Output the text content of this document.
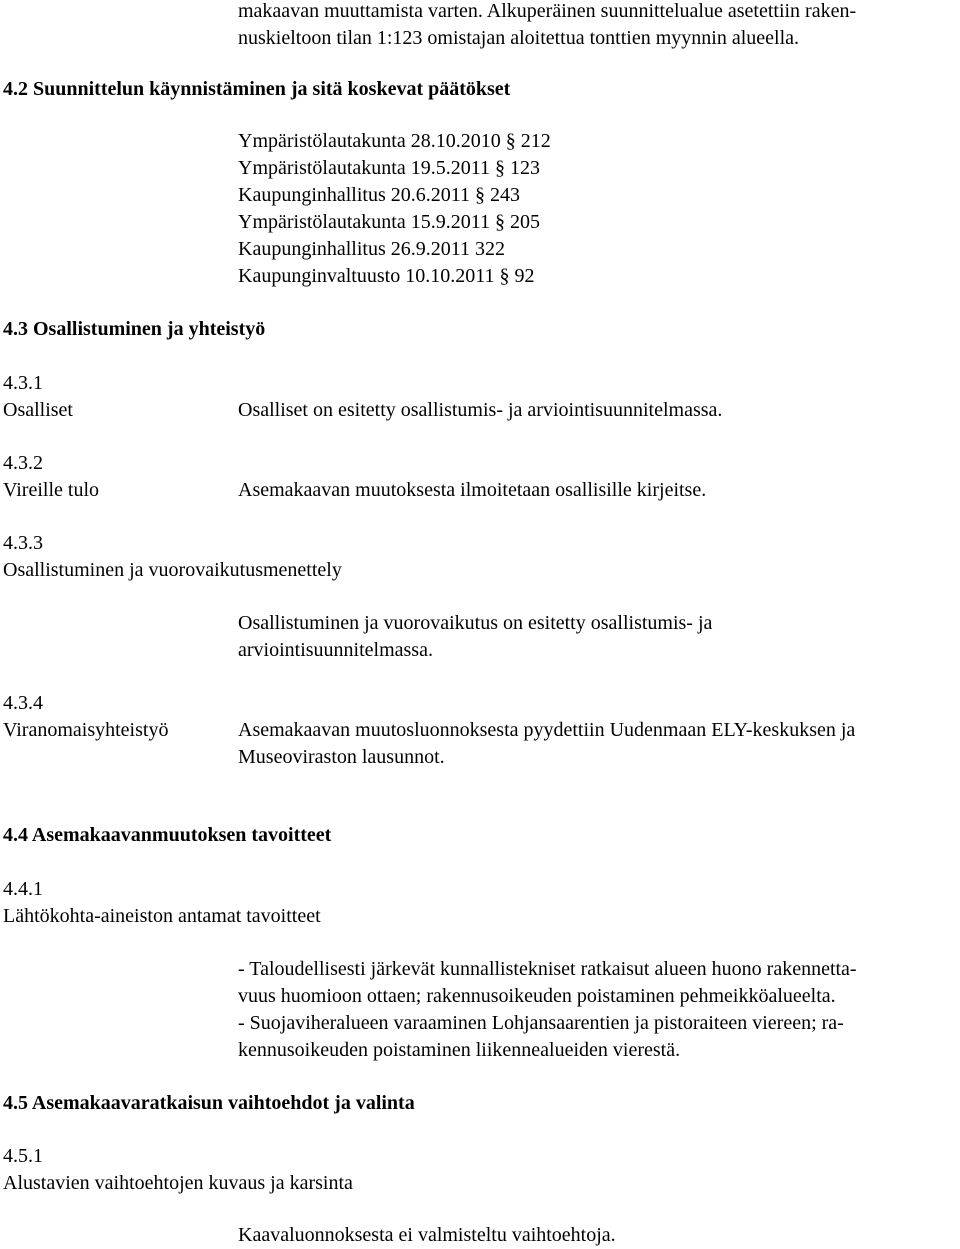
makaavan muuttamista varten. Alkuperäinen suunnittelualue asetettiin raken-
nuskieltoon tilan 1:123 omistajan aloitettua tonttien myynnin alueella.
4.2 Suunnittelun käynnistäminen ja sitä koskevat päätökset
Ympäristölautakunta 28.10.2010 § 212
Ympäristölautakunta 19.5.2011 § 123
Kaupunginhallitus 20.6.2011 § 243
Ympäristölautakunta 15.9.2011 § 205
Kaupunginhallitus 26.9.2011 322
Kaupunginvaltuusto 10.10.2011 § 92
4.3 Osallistuminen ja yhteistyö
4.3.1
Osalliset	Osalliset on esitetty osallistumis- ja arviointisuunnitelmassa.
4.3.2
Vireille tulo	Asemakaavan muutoksesta ilmoitetaan osallisille kirjeitse.
4.3.3
Osallistuminen ja vuorovaikutusmenettely
Osallistuminen ja vuorovaikutus on esitetty osallistumis- ja
arviointisuunnitelmassa.
4.3.4
Viranomaisyhteistyö	Asemakaavan muutosluonnoksesta pyydettiin Uudenmaan ELY-keskuksen ja
Museoviraston lausunnot.
4.4 Asemakaavanmuutoksen tavoitteet
4.4.1
Lähtökohta-aineiston antamat tavoitteet
- Taloudellisesti järkevät kunnallistekniset ratkaisut alueen huono rakennetta-
vuus huomioon ottaen; rakennusoikeuden poistaminen pehmeikköalueelta.
- Suojaviheralueen varaaminen Lohjansaarentien ja pistoraiteen viereen; ra-
kennusoikeuden poistaminen liikennealueiden vierestä.
4.5 Asemakaavaratkaisun vaihtoehdot ja valinta
4.5.1
Alustavien vaihtoehtojen kuvaus ja karsinta
Kaavaluonnoksesta ei valmisteltu vaihtoehtoja.
